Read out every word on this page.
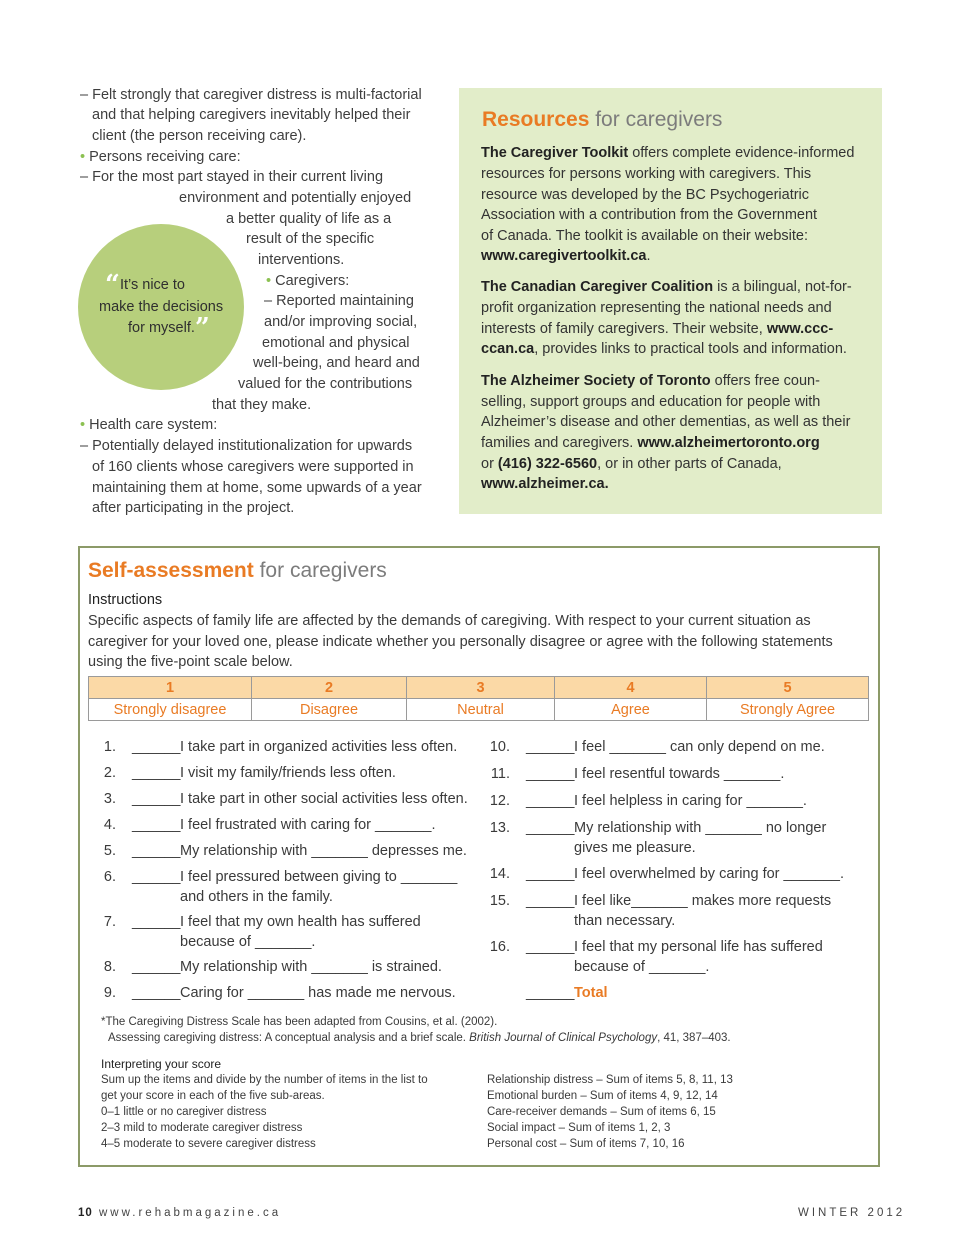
– Felt strongly that caregiver distress is multi-factorial
and that helping caregivers inevitably helped their
client (the person receiving care).
• Persons receiving care:
– For the most part stayed in their current living
environment and potentially enjoyed
a better quality of life as a
result of the specific
interventions.
• Caregivers:
– Reported maintaining
and/or improving social,
emotional and physical
well-being, and heard and
valued for the contributions
that they make.
• Health care system:
– Potentially delayed institutionalization for upwards
of 160 clients whose caregivers were supported in
maintaining them at home, some upwards of a year
after participating in the project.
“It’s nice to
make the decisions
for myself.”
Resources for caregivers
The Caregiver Toolkit offers complete evidence-informed
resources for persons working with caregivers. This
resource was developed by the BC Psychogeriatric
Association with a contribution from the Government
of Canada. The toolkit is available on their website:
www.caregivertoolkit.ca.
The Canadian Caregiver Coalition is a bilingual, not-for-
profit organization representing the national needs and
interests of family caregivers. Their website, www.ccc-
ccan.ca, provides links to practical tools and information.
The Alzheimer Society of Toronto offers free coun-
selling, support groups and education for people with
Alzheimer’s disease and other dementias, as well as their
families and caregivers. www.alzheimertoronto.org
or (416) 322-6560, or in other parts of Canada,
www.alzheimer.ca.
Self-assessment for caregivers
Instructions
Specific aspects of family life are affected by the demands of caregiving. With respect to your current situation as
caregiver for your loved one, please indicate whether you personally disagree or agree with the following statements
using the five-point scale below.
1	2	3	4	5
Strongly disagree	Disagree	Neutral	Agree	Strongly Agree
1. ______ I take part in organized activities less often.
2. ______ I visit my family/friends less often.
3. ______ I take part in other social activities less often.
4. ______ I feel frustrated with caring for _______.
5. ______ My relationship with _______ depresses me.
6. ______ I feel pressured between giving to _______
and others in the family.
7. ______ I feel that my own health has suffered
because of _______.
8. ______ My relationship with _______ is strained.
9. ______ Caring for _______ has made me nervous.
10. ______ I feel _______ can only depend on me.
11. ______ I feel resentful towards _______.
12. ______ I feel helpless in caring for _______.
13. ______ My relationship with _______ no longer
gives me pleasure.
14. ______ I feel overwhelmed by caring for _______.
15. ______ I feel like_______ makes more requests
than necessary.
16. ______ I feel that my personal life has suffered
because of _______.
______ Total
*The Caregiving Distress Scale has been adapted from Cousins, et al. (2002).
Assessing caregiving distress: A conceptual analysis and a brief scale. British Journal of Clinical Psychology, 41, 387–403.
Interpreting your score
Sum up the items and divide by the number of items in the list to
get your score in each of the five sub-areas.
0–1 little or no caregiver distress
2–3 mild to moderate caregiver distress
4–5 moderate to severe caregiver distress
Relationship distress – Sum of items 5, 8, 11, 13
Emotional burden – Sum of items 4, 9, 12, 14
Care-receiver demands – Sum of items 6, 15
Social impact – Sum of items 1, 2, 3
Personal cost – Sum of items 7, 10, 16
10 www.rehabmagazine.ca	WINTER 2012
